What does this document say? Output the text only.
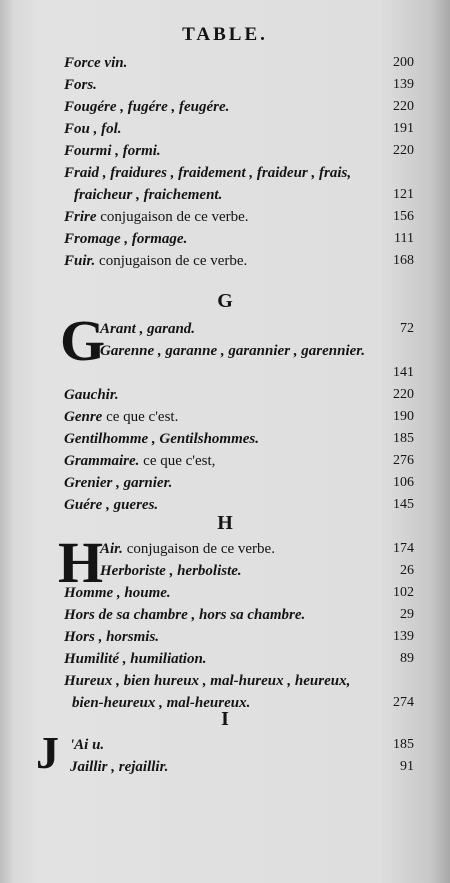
TABLE.
Force vin.	200
Fors.	139
Fougére , fugére , feugére.	220
Fou , fol.	191
Fourmi , formi.	220
Fraid , fraidures , fraidement , fraideur , frais,
fraicheur , fraichement.	121
Frire conjugaison de ce verbe.	156
Fromage , formage.	111
Fuir. conjugaison de ce verbe.	168
G
G
Arant , garand.	72
Garenne , garanne , garannier , garennier.
141
Gauchir.	220
Genre ce que c'est.	190
Gentilhomme , Gentilshommes.	185
Grammaire. ce que c'est,	276
Grenier , garnier.	106
Guére , gueres.	145
H
H
Air. conjugaison de ce verbe.	174
Herboriste , herboliste.	26
Homme , houme.	102
Hors de sa chambre , hors sa chambre.	29
Hors , horsmis.	139
Humilité , humiliation.	89
Hureux , bien hureux , mal-hureux , heureux,
bien-heureux , mal-heureux.	274
I
J 'Ai u.	185
Jaillir , rejaillir.	91
